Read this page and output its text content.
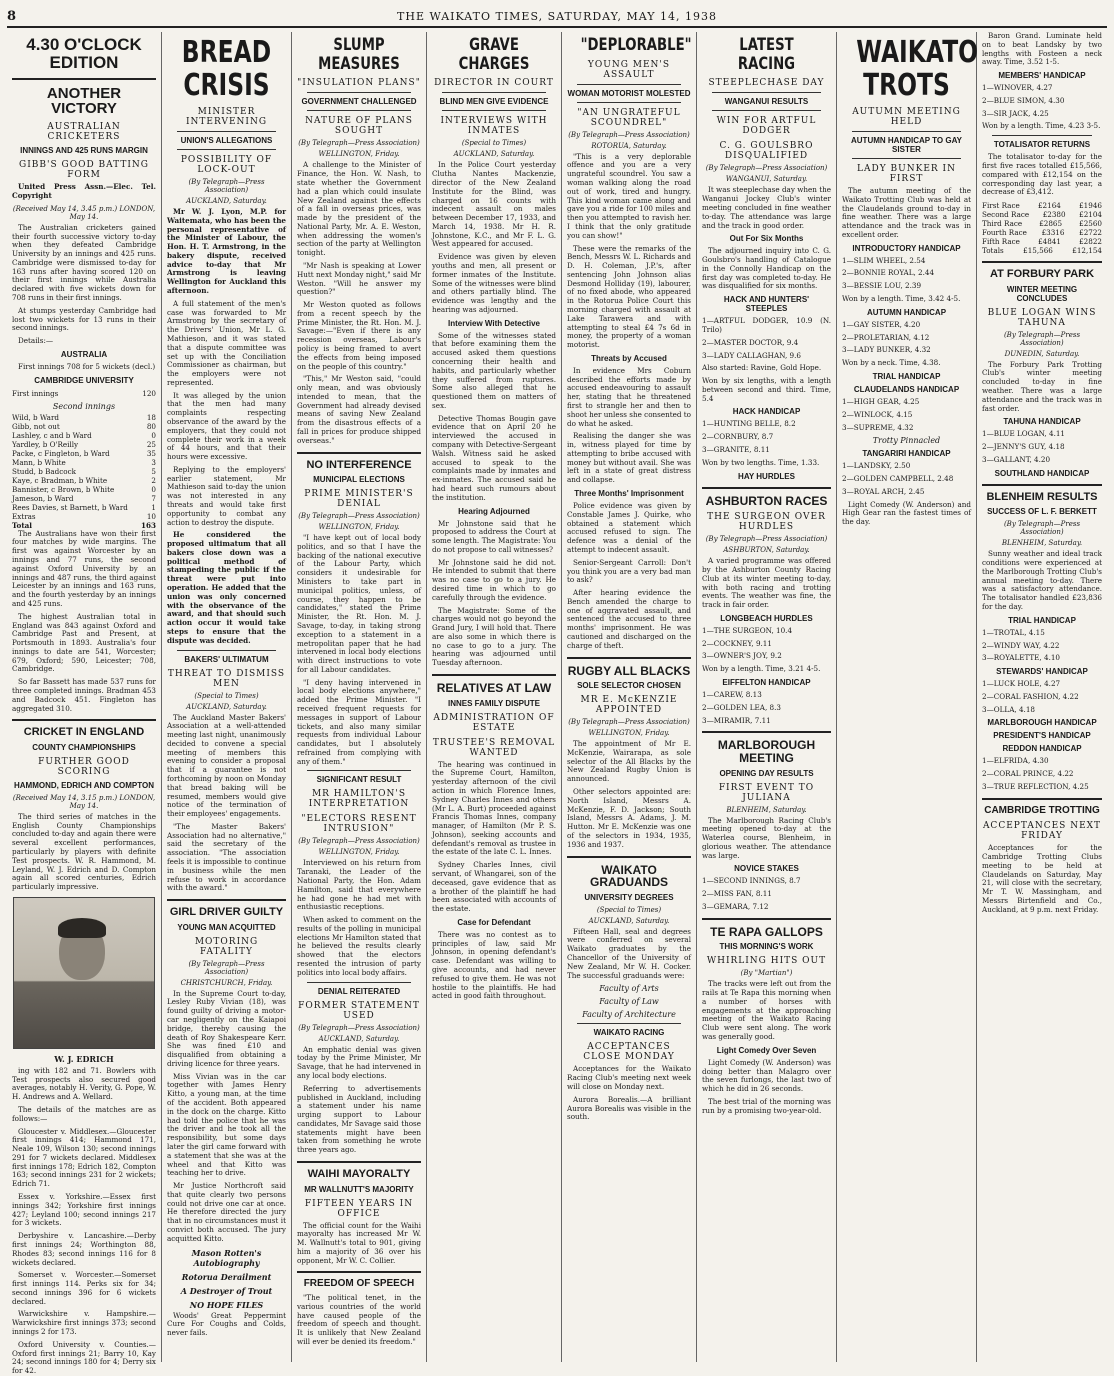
8	THE WAIKATO TIMES, SATURDAY, MAY 14, 1938
4.30 O'CLOCK EDITION
ANOTHER VICTORY
AUSTRALIAN CRICKETERS
INNINGS AND 425 RUNS MARGIN
GIBB'S GOOD BATTING FORM
United Press Assn.—Elec. Tel. Copyright
(Received May 14, 3.45 p.m.) LONDON, May 14.

The Australian cricketers gained their fourth successive victory to-day when they defeated Cambridge University by an innings and 425 runs. Cambridge were dismissed to-day for 163 runs after having scored 120 on their first innings while Australia declared with five wickets down for 708 runs in their first innings.

At stumps yesterday Cambridge had lost two wickets for 13 runs in their second innings.

Details:—

AUSTRALIA

First innings 708 for 5 wickets (decl.)

CAMBRIDGE UNIVERSITY
First innings	120
Second innings
Wild, b Ward	18
Gibb, not out	80
Lashley, c and b Ward	0
Yardley, b O'Reilly	25
Packe, c Fingleton, b Ward	35
Mann, b White	3
Studd, b Badcock	5
Kaye, c Bradman, b White	2
Bannister, c Brown, b White	0
Jameson, b Ward	7
Rees Davies, st Barnett, b Ward	1
Extras	10
Total	163

The Australians have won their first four matches by wide margins. The first was against Worcester by an innings and 77 runs, the second against Oxford University by an innings and 487 runs, the third against Leicester by an innings and 163 runs, and the fourth yesterday by an innings and 425 runs.

The highest Australian total in England was 843 against Oxford and Cambridge Past and Present, at Portsmouth in 1893. Australia's four innings to date are 541, Worcester; 679, Oxford; 590, Leicester; 708, Cambridge.

So far Bassett has made 537 runs for three completed innings. Bradman 453 and Badcock 451. Fingleton has aggregated 310.

CRICKET IN ENGLAND
COUNTY CHAMPIONSHIPS
FURTHER GOOD SCORING
HAMMOND, EDRICH AND COMPTON
(Received May 14, 3.15 p.m.) LONDON, May 14.

The third series of matches in the English County Championships concluded to-day and again there were several excellent performances, particularly by players with definite Test prospects. W. R. Hammond, M. Leyland, W. J. Edrich and D. Compton again all scored centuries, Edrich particularly impressive.

W. J. EDRICH

ing with 182 and 71. Bowlers with Test prospects also secured good averages, notably H. Verity, G. Pope, W. H. Andrews and A. Wellard.

The details of the matches are as follows:—

Gloucester v. Middlesex.—Gloucester first innings 414; Hammond 171, Neale 109, Wilson 130; second innings 291 for 7 wickets declared. Middlesex first innings 178; Edrich 182, Compton 163; second innings 231 for 2 wickets; Edrich 71.

Essex v. Yorkshire.—Essex first innings 342; Yorkshire first innings 427; Leyland 100; second innings 217 for 3 wickets.

Derbyshire v. Lancashire.—Derby first innings 24; Worthington 88, Rhodes 83; second innings 116 for 8 wickets declared.

Somerset v. Worcester.—Somerset first innings 114. Perks six for 34; second innings 396 for 6 wickets declared.

Warwickshire v. Hampshire.—Warwickshire first innings 373; second innings 2 for 173.

Oxford University v. Counties.—Oxford first innings 21; Barry 10, Kay 24; second innings 180 for 4; Derry six for 42.

BREAD CRISIS
MINISTER INTERVENING
UNION'S ALLEGATIONS
POSSIBILITY OF LOCK-OUT
(By Telegraph—Press Association)
AUCKLAND, Saturday.

Mr W. J. Lyon, M.P. for Waitemata, who has been the personal representative of the Minister of Labour, the Hon. H. T. Armstrong, in the bakery dispute, received advice to-day that Mr Armstrong is leaving Wellington for Auckland this afternoon.

A full statement of the men's case was forwarded to Mr Armstrong by the secretary of the Drivers' Union, Mr L. G. Mathieson, and it was stated that a dispute committee was set up with the Conciliation Commissioner as chairman, but the employers were not represented.

It was alleged by the union that the men had many complaints respecting observance of the award by the employers, that they could not complete their work in a week of 44 hours, and that their hours were excessive.

Replying to the employers' earlier statement, Mr Mathieson said to-day the union was not interested in any threats and would take first opportunity to combat any action to destroy the dispute.

He considered the proposed ultimatum that all bakers close down was a political method of stampeding the public if the threat were put into operation. He added that the union was only concerned with the observance of the award, and that should such action occur it would take steps to ensure that the dispute was decided.

BAKERS' ULTIMATUM
THREAT TO DISMISS MEN
(Special to Times)
AUCKLAND, Saturday.

The Auckland Master Bakers' Association at a well-attended meeting last night, unanimously decided to convene a special meeting of members this evening to consider a proposal that if a guarantee is not forthcoming by noon on Monday that bread baking will be resumed, members would give notice of the termination of their employees' engagements.

"The Master Bakers' Association had no alternative," said the secretary of the association. "The association feels it is impossible to continue in business while the men refuse to work in accordance with the award."

GIRL DRIVER GUILTY
YOUNG MAN ACQUITTED
MOTORING FATALITY
(By Telegraph—Press Association)
CHRISTCHURCH, Friday.

In the Supreme Court to-day, Lesley Ruby Vivian (18), was found guilty of driving a motor-car negligently on the Kaiapoi bridge, thereby causing the death of Roy Shakespeare Kerr. She was fined £10 and disqualified from obtaining a driving licence for three years.

Miss Vivian was in the car together with James Henry Kitto, a young man, at the time of the accident. Both appeared in the dock on the charge. Kitto had told the police that he was the driver and he took all the responsibility, but some days later the girl came forward with a statement that she was at the wheel and that Kitto was teaching her to drive.

Mr Justice Northcroft said that quite clearly two persons could not drive one car at once. He therefore directed the jury that in no circumstances must it convict both accused. The jury acquitted Kitto.

Mason Rotten's Autobiography
Rotorua Derailment
A Destroyer of Trout
NO HOPE FILES

Woods' Great Peppermint Cure For Coughs and Colds, never fails.

SLUMP MEASURES
"INSULATION PLANS"
GOVERNMENT CHALLENGED
NATURE OF PLANS SOUGHT
(By Telegraph—Press Association)
WELLINGTON, Friday.

A challenge to the Minister of Finance, the Hon. W. Nash, to state whether the Government had a plan which could insulate New Zealand against the effects of a fall in overseas prices, was made by the president of the National Party, Mr. A. E. Weston, when addressing the women's section of the party at Wellington tonight.

"Mr Nash is speaking at Lower Hutt next Monday night," said Mr Weston. "Will he answer my question?"

Mr Weston quoted as follows from a recent speech by the Prime Minister, the Rt. Hon. M. J. Savage:—"Even if there is any recession overseas, Labour's policy is being framed to avert the effects from being imposed on the people of this country."

"This," Mr Weston said, "could only mean, and was obviously intended to mean, that the Government had already devised means of saving New Zealand from the disastrous effects of a fall in prices for produce shipped overseas."

NO INTERFERENCE
MUNICIPAL ELECTIONS
PRIME MINISTER'S DENIAL
(By Telegraph—Press Association)
WELLINGTON, Friday.

"I have kept out of local body politics, and so that I have the backing of the national executive of the Labour Party, which considers it undesirable for Ministers to take part in municipal politics, unless, of course, they happen to be candidates," stated the Prime Minister, the Rt. Hon. M. J. Savage, to-day, in taking strong exception to a statement in a metropolitan paper that he had intervened in local body elections with direct instructions to vote for all Labour candidates.

"I deny having intervened in local body elections anywhere," added the Prime Minister. "I received frequent requests for messages in support of Labour tickets, and also many similar requests from individual Labour candidates, but I absolutely refrained from complying with any of them."

SIGNIFICANT RESULT
MR HAMILTON'S INTERPRETATION
"ELECTORS RESENT INTRUSION"
(By Telegraph—Press Association)
WELLINGTON, Friday.

Interviewed on his return from Taranaki, the Leader of the National Party, the Hon. Adam Hamilton, said that everywhere he had gone he had met with enthusiastic receptions.

When asked to comment on the results of the polling in municipal elections Mr Hamilton stated that he believed the results clearly showed that the electors resented the intrusion of party politics into local body affairs.

DENIAL REITERATED
FORMER STATEMENT USED
(By Telegraph—Press Association)
AUCKLAND, Saturday.

An emphatic denial was given today by the Prime Minister, Mr Savage, that he had intervened in any local body elections.

Referring to advertisements published in Auckland, including a statement under his name urging support to Labour candidates, Mr Savage said those statements might have been taken from something he wrote three years ago.

WAIHI MAYORALTY
MR WALLNUTT'S MAJORITY
FIFTEEN YEARS IN OFFICE

The official count for the Waihi mayoralty has increased Mr W. M. Wallnutt's total to 901, giving him a majority of 36 over his opponent, Mr W. C. Collier.

FREEDOM OF SPEECH

"The political tenet, in the various countries of the world have caused people of the freedom of speech and thought. It is unlikely that New Zealand will ever be denied its freedom."

GRAVE CHARGES
DIRECTOR IN COURT
BLIND MEN GIVE EVIDENCE
INTERVIEWS WITH INMATES
(Special to Times)
AUCKLAND, Saturday.

In the Police Court yesterday Clutha Nantes Mackenzie, director of the New Zealand Institute for the Blind, was charged on 16 counts with indecent assault on males between December 17, 1933, and March 14, 1938. Mr H. R. Johnstone, K.C., and Mr F. L. G. West appeared for accused.

Evidence was given by eleven youths and men, all present or former inmates of the Institute. Some of the witnesses were blind and others partially blind. The evidence was lengthy and the hearing was adjourned.

Interview With Detective

Some of the witnesses stated that before examining them the accused asked them questions concerning their health and habits, and particularly whether they suffered from ruptures. Some also alleged that he questioned them on matters of sex.

Detective Thomas Bougin gave evidence that on April 20 he interviewed the accused in company with Detective-Sergeant Walsh. Witness said he asked accused to speak to the complaints made by inmates and ex-inmates. The accused said he had heard such rumours about the institution.

Hearing Adjourned

Mr Johnstone said that he proposed to address the Court at some length. The Magistrate: You do not propose to call witnesses?

Mr Johnstone said he did not. He intended to submit that there was no case to go to a jury. He desired time in which to go carefully through the evidence.

The Magistrate: Some of the charges would not go beyond the Grand Jury, I will hold that. There are also some in which there is no case to go to a jury. The hearing was adjourned until Tuesday afternoon.

RELATIVES AT LAW
INNES FAMILY DISPUTE
ADMINISTRATION OF ESTATE
TRUSTEE'S REMOVAL WANTED

The hearing was continued in the Supreme Court, Hamilton, yesterday afternoon of the civil action in which Florence Innes, Sydney Charles Innes and others (Mr L. A. Burt) proceeded against Francis Thomas Innes, company manager, of Hamilton (Mr P. S. Johnson), seeking accounts and defendant's removal as trustee in the estate of the late C. L. Innes.

Sydney Charles Innes, civil servant, of Whangarei, son of the deceased, gave evidence that as a brother of the plaintiff he had been associated with accounts of the estate.

Case for Defendant

There was no contest as to principles of law, said Mr Johnson, in opening defendant's case. Defendant was willing to give accounts, and had never refused to give them. He was not hostile to the plaintiffs. He had acted in good faith throughout.

"DEPLORABLE"
YOUNG MEN'S ASSAULT
WOMAN MOTORIST MOLESTED
"AN UNGRATEFUL SCOUNDREL"
(By Telegraph—Press Association)
ROTORUA, Saturday.

"This is a very deplorable offence and you are a very ungrateful scoundrel. You saw a woman walking along the road out of work, tired and hungry. This kind woman came along and gave you a ride for 100 miles and then you attempted to ravish her. I think that the only gratitude you can show!"

These were the remarks of the Bench, Messrs W. L. Richards and D. H. Coleman, J.P.'s, after sentencing John Johnson alias Desmond Holliday (19), labourer, of no fixed abode, who appeared in the Rotorua Police Court this morning charged with assault at Lake Tarawera and with attempting to steal £4 7s 6d in money, the property of a woman motorist.

Threats by Accused

In evidence Mrs Coburn described the efforts made by accused endeavouring to assault her, stating that he threatened first to strangle her and then to shoot her unless she consented to do what he asked.

Realising the danger she was in, witness played for time by attempting to bribe accused with money but without avail. She was left in a state of great distress and collapse.

Three Months' Imprisonment

Police evidence was given by Constable James J. Quirke, who obtained a statement which accused refused to sign. The defence was a denial of the attempt to indecent assault.

Senior-Sergeant Carroll: Don't you think you are a very bad man to ask?

After hearing evidence the Bench amended the charge to one of aggravated assault, and sentenced the accused to three months' imprisonment. He was cautioned and discharged on the charge of theft.

RUGBY ALL BLACKS
SOLE SELECTOR CHOSEN
MR E. McKENZIE APPOINTED
(By Telegraph—Press Association)
WELLINGTON, Friday.

The appointment of Mr E. McKenzie, Wairarapa, as sole selector of the All Blacks by the New Zealand Rugby Union is announced.

Other selectors appointed are: North Island, Messrs A. McKenzie, F. D. Jackson; South Island, Messrs A. Adams, J. M. Hutton. Mr E. McKenzie was one of the selectors in 1934, 1935, 1936 and 1937.

WAIKATO GRADUANDS
UNIVERSITY DEGREES
(Special to Times)
AUCKLAND, Saturday.

Fifteen Hall, seal and degrees were conferred on several Waikato graduates by the Chancellor of the University of New Zealand, Mr W. H. Cocker. The successful graduands were:

Faculty of Arts
Faculty of Law
Faculty of Architecture
WAIKATO RACING
ACCEPTANCES CLOSE MONDAY

Acceptances for the Waikato Racing Club's meeting next week will close on Monday next.

Aurora Borealis.—A brilliant Aurora Borealis was visible in the south.

LATEST RACING
STEEPLECHASE DAY
WANGANUI RESULTS
WIN FOR ARTFUL DODGER
C. G. GOULSBRO DISQUALIFIED
(By Telegraph—Press Association)
WANGANUI, Saturday.

It was steeplechase day when the Wanganui Jockey Club's winter meeting concluded in fine weather to-day. The attendance was large and the track in good order.

Out For Six Months

The adjourned inquiry into C. G. Goulsbro's handling of Catalogue in the Connolly Handicap on the first day was completed to-day. He was disqualified for six months.

HACK AND HUNTERS' STEEPLES
1—ARTFUL DODGER, 10.9 (N. Trilo)
2—MASTER DOCTOR, 9.4
3—LADY CALLAGHAN, 9.6
Also started: Ravine, Gold Hope.
Won by six lengths, with a length between second and third. Time, 5.4
HACK HANDICAP
1—HUNTING BELLE, 8.2
2—CORNBURY, 8.7
3—GRANITE, 8.11
Won by two lengths. Time, 1.33.
HAY HURDLES
ASHBURTON RACES
THE SURGEON OVER HURDLES
(By Telegraph—Press Association)
ASHBURTON, Saturday.

A varied programme was offered by the Ashburton County Racing Club at its winter meeting to-day, with both racing and trotting events. The weather was fine, the track in fair order.

LONGBEACH HURDLES
1—THE SURGEON, 10.4
2—COCKNEY, 9.11
3—OWNER'S JOY, 9.2
Won by a length. Time, 3.21 4-5.
EIFFELTON HANDICAP
1—CAREW, 8.13
2—GOLDEN LEA, 8.3
3—MIRAMIR, 7.11
MARLBOROUGH MEETING
OPENING DAY RESULTS
FIRST EVENT TO JULIANA
BLENHEIM, Saturday.

The Marlborough Racing Club's meeting opened to-day at the Waterlea course, Blenheim, in glorious weather. The attendance was large.

NOVICE STAKES
1—SECOND INNINGS, 8.7
2—MISS FAN, 8.11
3—GEMARA, 7.12
TE RAPA GALLOPS
THIS MORNING'S WORK
WHIRLING HITS OUT
(By "Martian")

The tracks were left out from the rails at Te Rapa this morning when a number of horses with engagements at the approaching meeting of the Waikato Racing Club were sent along. The work was generally good.

Light Comedy Over Seven

Light Comedy (W. Anderson) was doing better than Malagro over the seven furlongs, the last two of which he did in 26 seconds.

The best trial of the morning was run by a promising two-year-old.

WAIKATO TROTS
AUTUMN MEETING HELD
AUTUMN HANDICAP TO GAY SISTER
LADY BUNKER IN FIRST

The autumn meeting of the Waikato Trotting Club was held at the Claudelands ground to-day in fine weather. There was a large attendance and the track was in excellent order.

INTRODUCTORY HANDICAP
1—SLIM WHEEL, 2.54
2—BONNIE ROYAL, 2.44
3—BESSIE LOU, 2.39
Won by a length. Time, 3.42 4-5.
AUTUMN HANDICAP
1—GAY SISTER, 4.20
2—PROLETARIAN, 4.12
3—LADY BUNKER, 4.32
Won by a neck. Time, 4.38.
TRIAL HANDICAP
CLAUDELANDS HANDICAP
1—HIGH GEAR, 4.25
2—WINLOCK, 4.15
3—SUPREME, 4.32
Trotty Pinnacled
TANGARIRI HANDICAP
1—LANDSKY, 2.50
2—GOLDEN CAMPBELL, 2.48
3—ROYAL ARCH, 2.45

Light Comedy (W. Anderson) and High Gear ran the fastest times of the day.

Baron Grand. Luminate held on to beat Landsky by two lengths with Fosteen a neck away. Time, 3.52 1-5.

MEMBERS' HANDICAP
1—WINOVER, 4.27
2—BLUE SIMON, 4.30
3—SIR JACK, 4.25
Won by a length. Time, 4.23 3-5.
TOTALISATOR RETURNS

The totalisator to-day for the first five races totalled £15,566, compared with £12,154 on the corresponding day last year, a decrease of £3,412.

First Race	£2164	£1946
Second Race £2380 £2104
Third Race £2865 £2560
Fourth Race £3316 £2722
Fifth Race	£4841	£2822
Totals	£15,566	£12,154
AT FORBURY PARK
WINTER MEETING CONCLUDES
BLUE LOGAN WINS TAHUNA
(By Telegraph—Press Association)
DUNEDIN, Saturday.

The Forbury Park Trotting Club's winter meeting concluded to-day in fine weather. There was a large attendance and the track was in fast order.

TAHUNA HANDICAP
1—BLUE LOGAN, 4.11
2—JENNY'S GUY, 4.18
3—GALLANT, 4.20
SOUTHLAND HANDICAP
BLENHEIM RESULTS
SUCCESS OF L. F. BERKETT
(By Telegraph—Press Association)
BLENHEIM, Saturday.

Sunny weather and ideal track conditions were experienced at the Marlborough Trotting Club's annual meeting to-day. There was a satisfactory attendance. The totalisator handled £23,836 for the day.

TRIAL HANDICAP
1—TROTAL, 4.15
2—WINDY WAY, 4.22
3—ROYALETTE, 4.10
STEWARDS' HANDICAP
1—LUCK HOLE, 4.27
2—CORAL FASHION, 4.22
3—OLLA, 4.18
MARLBOROUGH HANDICAP
PRESIDENT'S HANDICAP
REDDON HANDICAP
1—ELFRIDA, 4.30
2—CORAL PRINCE, 4.22
3—TRUE REFLECTION, 4.25
CAMBRIDGE TROTTING
ACCEPTANCES NEXT FRIDAY

Acceptances for the Cambridge Trotting Clubs meeting to be held at Claudelands on Saturday, May 21, will close with the secretary, Mr T. W. Massingham, and Messrs Birtenfield and Co., Auckland, at 9 p.m. next Friday.
